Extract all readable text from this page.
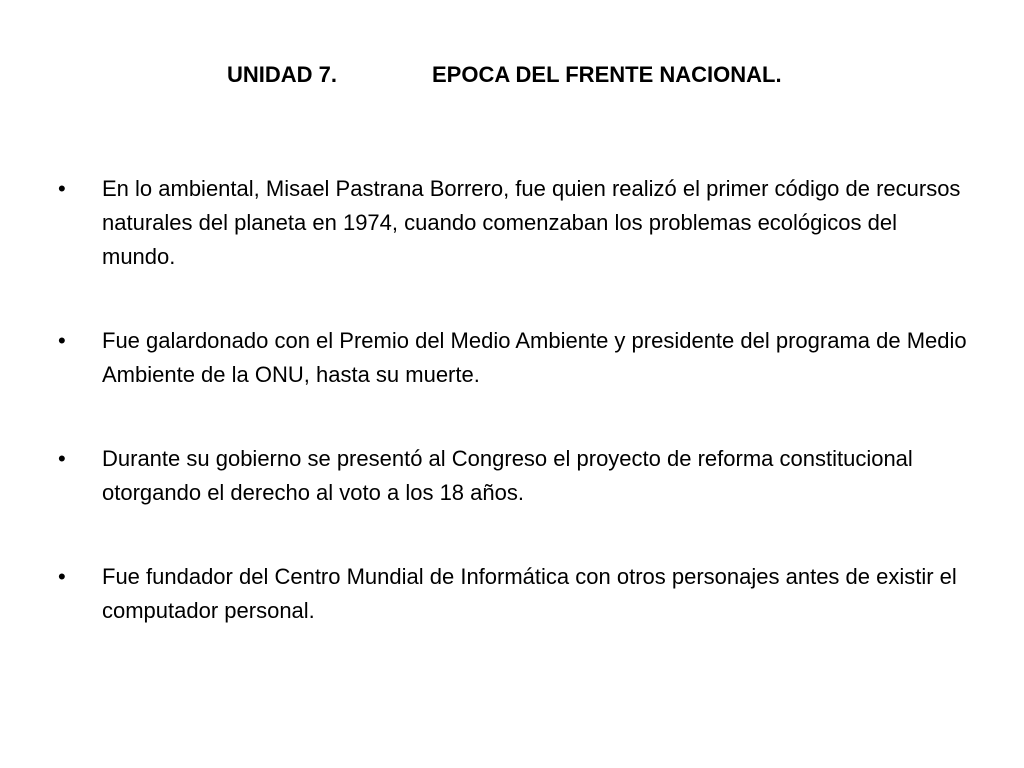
UNIDAD 7.	EPOCA DEL FRENTE NACIONAL.
•	En lo ambiental, Misael Pastrana Borrero, fue quien realizó el primer código de recursos naturales del planeta en 1974, cuando comenzaban los problemas ecológicos del mundo.
•	Fue galardonado con el Premio del Medio Ambiente y presidente del programa de Medio Ambiente de la ONU, hasta su muerte.
•	Durante su gobierno se presentó al Congreso el proyecto de reforma constitucional otorgando el derecho al voto a los 18 años.
•	Fue fundador del Centro Mundial de Informática con otros personajes antes de existir el computador personal.
